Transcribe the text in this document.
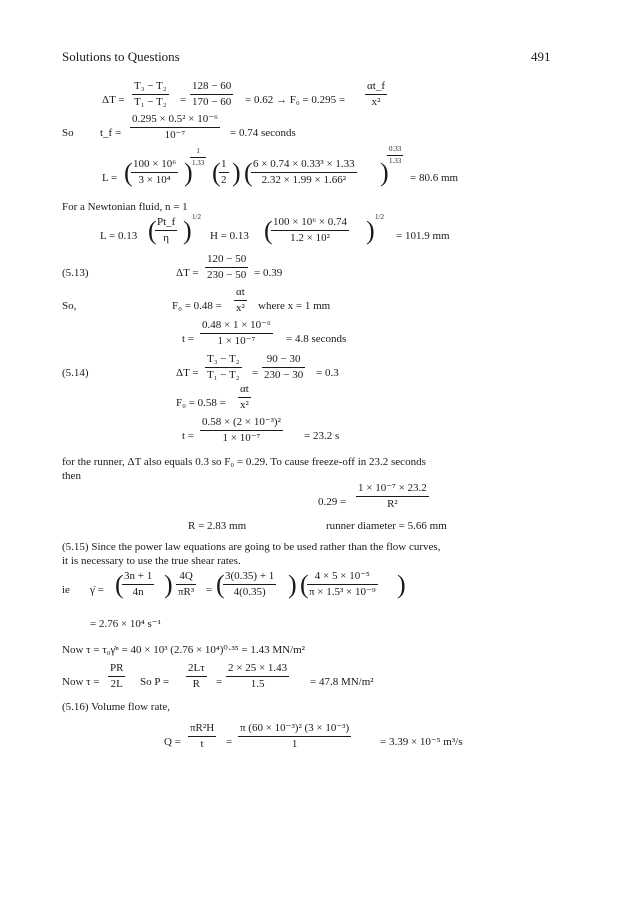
Solutions to Questions	491
ΔT =
T₃ − T₂
T₁ − T₂ =
128 − 60
170 − 60 = 0.62 → F₀ = 0.295 =
αt_f
x²
So t_f =
0.295 × 0.5² × 10⁻⁶
10⁻⁷	= 0.74 seconds
L = ( 100 × 10⁶
3 × 10⁴ )
1
1.33 ( 1
2 ) ( 6 × 0.74 × 0.33³ × 1.33
2.32 × 1.99 × 1.66²	)
0.33
1.33
= 80.6 mm
For a Newtonian fluid, n = 1
L = 0.13 ( Pt_f
η ) 1/2
H = 0.13 ( 100 × 10⁶ × 0.74
1.2 × 10²	) 1/2
= 101.9 mm
(5.13)	ΔT =
120 − 50
230 − 50 = 0.39
So,	F₀ = 0.48 =
αt
x² where x = 1 mm
t =
0.48 × 1 × 10⁻⁶
1 × 10⁻⁷	= 4.8 seconds
(5.14)	ΔT =
T₃ − T₂
T₁ − T₂ =
90 − 30
230 − 30 = 0.3
F₀ = 0.58 =
αt
x²
t =
0.58 × (2 × 10⁻³)²
1 × 10⁻⁷	= 23.2 s
for the runner, ΔT also equals 0.3 so F₀ = 0.29. To cause freeze-off in 23.2 seconds
then
0.29 =
1 × 10⁻⁷ × 23.2
R²
R = 2.83 mm	runner diameter = 5.66 mm
(5.15) Since the power law equations are going to be used rather than the flow curves,
it is necessary to use the true shear rates.
ie γ̇ = ( 3n + 1
4n ) 4Q
πR³ = ( 3(0.35) + 1
4(0.35) ) ( 4 × 5 × 10⁻⁵
π × 1.5³ × 10⁻⁹ )
= 2.76 × 10⁴ s⁻¹
Now τ = τ₀γ̇ⁿ = 40 × 10³ (2.76 × 10⁴)⁰·³⁵ = 1.43 MN/m²
Now τ =
PR
2L So P =
2Lτ
R	=
2 × 25 × 1.43
1.5	= 47.8 MN/m²
(5.16) Volume flow rate,
Q =
πR²H
t	=
π (60 × 10⁻³)² (3 × 10⁻³)
1	= 3.39 × 10⁻⁵ m³/s
